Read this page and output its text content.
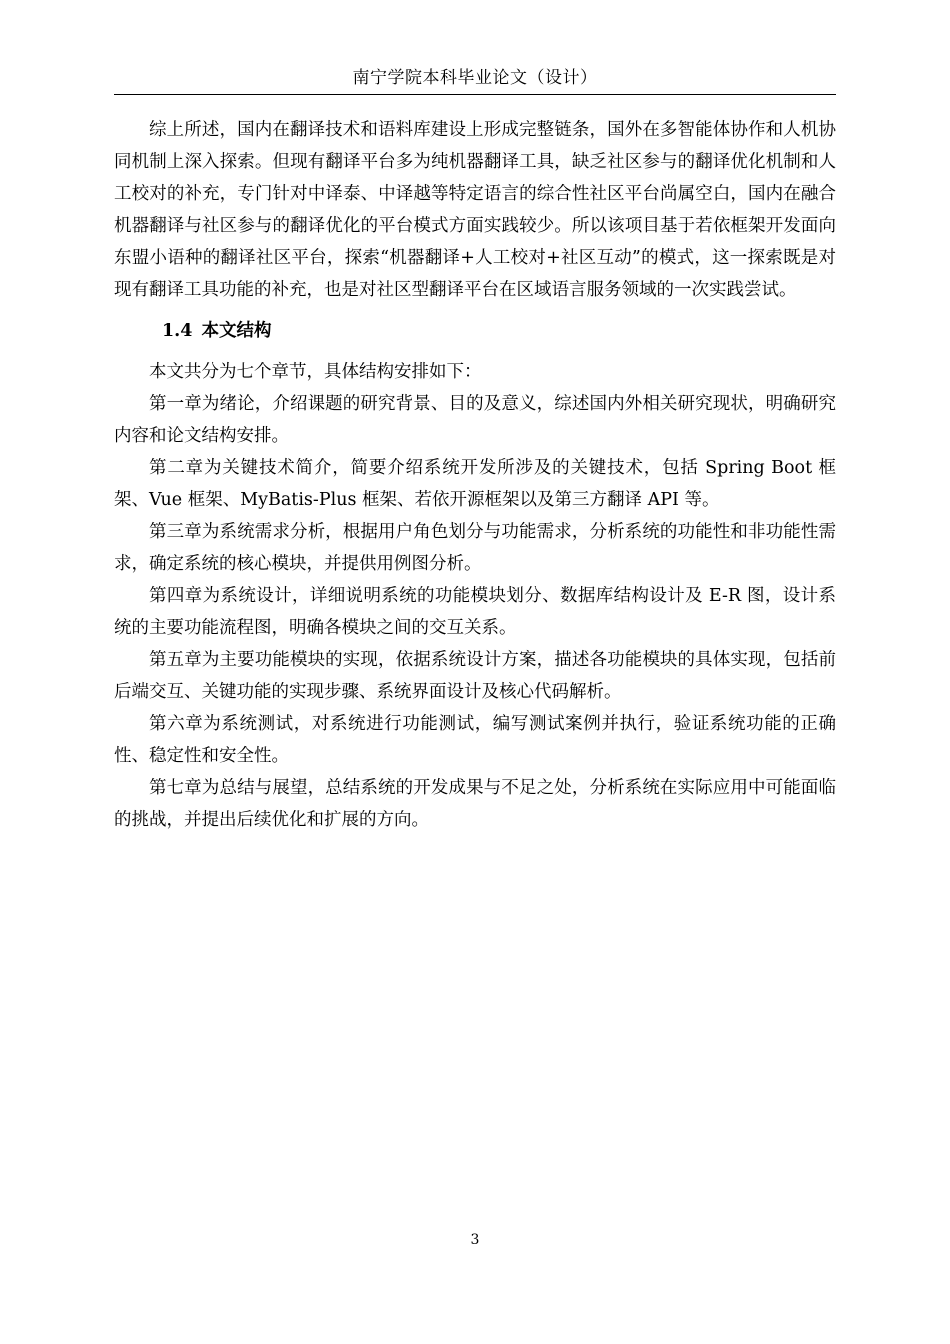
南宁学院本科毕业论文（设计）

综上所述，国内在翻译技术和语料库建设上形成完整链条，国外在多智能体协作和人机协同机制上深入探索。但现有翻译平台多为纯机器翻译工具，缺乏社区参与的翻译优化机制和人工校对的补充，专门针对中译泰、中译越等特定语言的综合性社区平台尚属空白，国内在融合机器翻译与社区参与的翻译优化的平台模式方面实践较少。所以该项目基于若依框架开发面向东盟小语种的翻译社区平台，探索“机器翻译+人工校对+社区互动”的模式，这一探索既是对现有翻译工具功能的补充，也是对社区型翻译平台在区域语言服务领域的一次实践尝试。

1.4 本文结构

本文共分为七个章节，具体结构安排如下：

第一章为绪论，介绍课题的研究背景、目的及意义，综述国内外相关研究现状，明确研究内容和论文结构安排。

第二章为关键技术简介，简要介绍系统开发所涉及的关键技术，包括 Spring Boot 框架、Vue 框架、MyBatis-Plus 框架、若依开源框架以及第三方翻译 API 等。

第三章为系统需求分析，根据用户角色划分与功能需求，分析系统的功能性和非功能性需求，确定系统的核心模块，并提供用例图分析。

第四章为系统设计，详细说明系统的功能模块划分、数据库结构设计及 E-R 图，设计系统的主要功能流程图，明确各模块之间的交互关系。

第五章为主要功能模块的实现，依据系统设计方案，描述各功能模块的具体实现，包括前后端交互、关键功能的实现步骤、系统界面设计及核心代码解析。

第六章为系统测试，对系统进行功能测试，编写测试案例并执行，验证系统功能的正确性、稳定性和安全性。

第七章为总结与展望，总结系统的开发成果与不足之处，分析系统在实际应用中可能面临的挑战，并提出后续优化和扩展的方向。

3
